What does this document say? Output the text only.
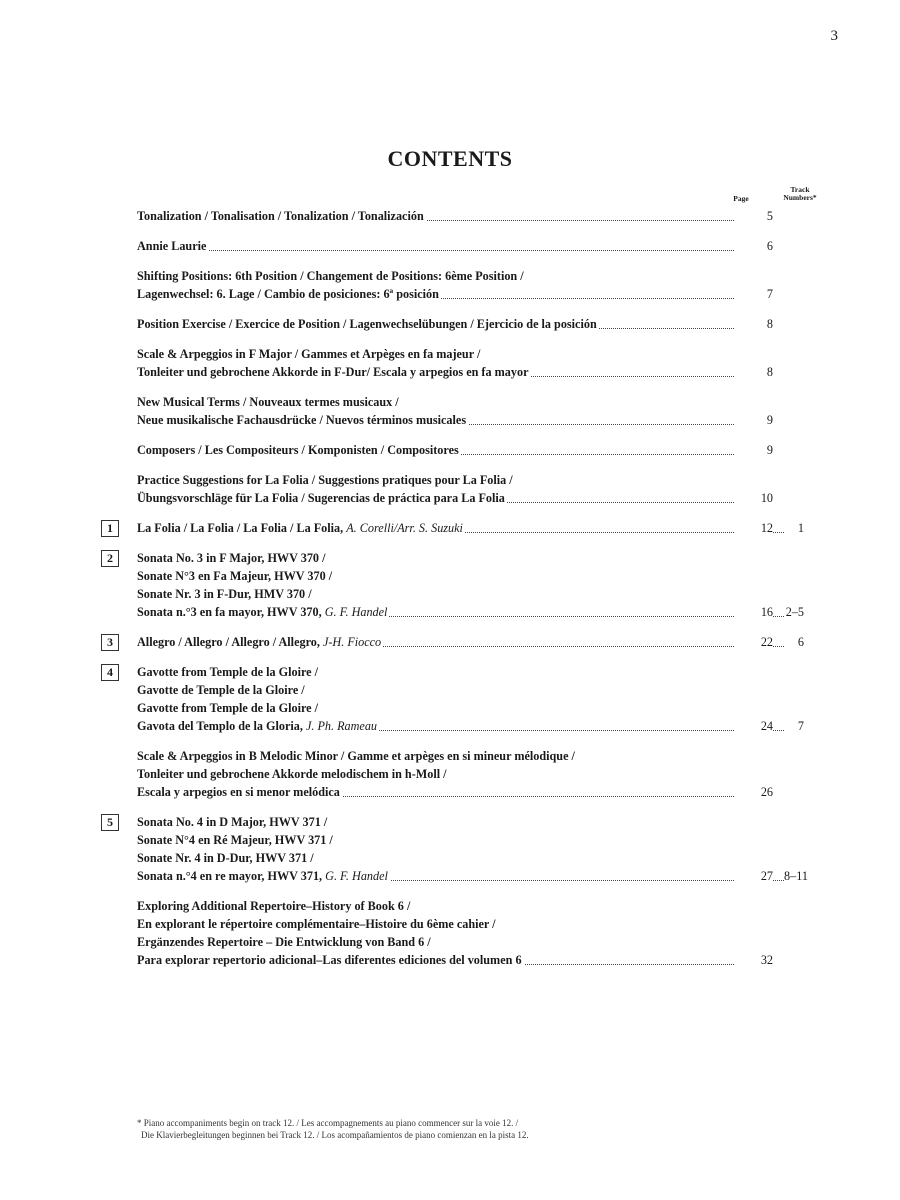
3
CONTENTS
Page
Track
Numbers*
Tonalization / Tonalisation / Tonalization / Tonalización	5
Annie Laurie	6
Shifting Positions: 6th Position / Changement de Positions: 6ème Position /
Lagenwechsel: 6. Lage / Cambio de posiciones: 6ª posición	7
Position Exercise / Exercice de Position / Lagenwechselübungen / Ejercicio de la posición	8
Scale & Arpeggios in F Major / Gammes et Arpèges en fa majeur /
Tonleiter und gebrochene Akkorde in F-Dur/ Escala y arpegios en fa mayor	8
New Musical Terms / Nouveaux termes musicaux /
Neue musikalische Fachausdrücke / Nuevos términos musicales	9
Composers / Les Compositeurs / Komponisten / Compositores	9
Practice Suggestions for La Folia / Suggestions pratiques pour La Folia /
Übungsvorschläge für La Folia / Sugerencias de práctica para La Folia	10
1	La Folia / La Folia / La Folia / La Folia, A. Corelli/Arr. S. Suzuki	12	1
2	Sonata No. 3 in F Major, HWV 370 /
Sonate N°3 en Fa Majeur, HWV 370 /
Sonate Nr. 3 in F-Dur, HMV 370 /
Sonata n.°3 en fa mayor, HWV 370, G. F. Handel	16 2–5
3	Allegro / Allegro / Allegro / Allegro, J-H. Fiocco	22	6
4	Gavotte from Temple de la Gloire /
Gavotte de Temple de la Gloire /
Gavotte from Temple de la Gloire /
Gavota del Templo de la Gloria, J. Ph. Rameau	24	7
Scale & Arpeggios in B Melodic Minor / Gamme et arpèges en si mineur mélodique /
Tonleiter und gebrochene Akkorde melodischem in h-Moll /
Escala y arpegios en si menor melódica	26
5	Sonata No. 4 in D Major, HWV 371 /
Sonate N°4 en Ré Majeur, HWV 371 /
Sonate Nr. 4 in D-Dur, HWV 371 /
Sonata n.°4 en re mayor, HWV 371, G. F. Handel	27 8–11
Exploring Additional Repertoire–History of Book 6 /
En explorant le répertoire complémentaire–Histoire du 6ème cahier /
Ergänzendes Repertoire – Die Entwicklung von Band 6 /
Para explorar repertorio adicional–Las diferentes ediciones del volumen 6	32
* Piano accompaniments begin on track 12. / Les accompagnements au piano commencer sur la voie 12. /
Die Klavierbegleitungen beginnen bei Track 12. / Los acompañamientos de piano comienzan en la pista 12.
